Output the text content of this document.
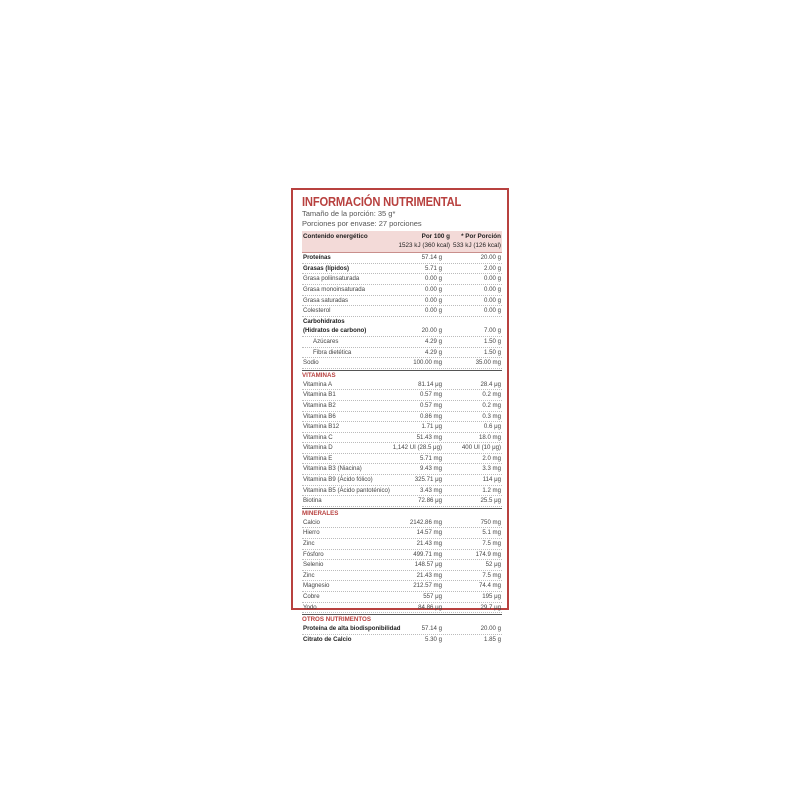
INFORMACIÓN NUTRIMENTAL
Tamaño de la porción: 35 g*
Porciones por envase: 27 porciones
Contenido energético	Por 100 g * Por Porción
1523 kJ (360 kcal) 533 kJ (126 kcal)
Proteínas	57.14 g	20.00 g
Grasas (lípidos)	5.71 g	2.00 g
Grasa poliinsaturada	0.00 g	0.00 g
Grasa monoinsaturada	0.00 g	0.00 g
Grasa saturadas	0.00 g	0.00 g
Colesterol	0.00 g	0.00 g
Carbohidratos
(Hidratos de carbono)	20.00 g	7.00 g
Azúcares	4.29 g	1.50 g
Fibra dietética	4.29 g	1.50 g
Sodio	100.00 mg	35.00 mg
VITAMINAS
Vitamina A	81.14 μg	28.4 μg
Vitamina B1	0.57 mg	0.2 mg
Vitamina B2	0.57 mg	0.2 mg
Vitamina B6	0.86 mg	0.3 mg
Vitamina B12	1.71 μg	0.6 μg
Vitamina C	51.43 mg	18.0 mg
Vitamina D	1,142 UI (28.5 μg)	400 UI (10 μg)
Vitamina E	5.71 mg	2.0 mg
Vitamina B3 (Niacina)	9.43 mg	3.3 mg
Vitamina B9 (Ácido fólico)	325.71 μg	114 μg
Vitamina B5 (Ácido pantoténico)	3.43 mg	1.2 mg
Biotina	72.86 μg	25.5 μg
MINERALES
Calcio	2142.86 mg	750 mg
Hierro	14.57 mg	5.1 mg
Zinc	21.43 mg	7.5 mg
Fósforo	499.71 mg	174.9 mg
Selenio	148.57 μg	52 μg
Zinc	21.43 mg	7.5 mg
Magnesio	212.57 mg	74.4 mg
Cobre	557 μg	195 μg
Yodo	84.86 μg	29.7 μg
OTROS NUTRIMENTOS
Proteína de alta biodisponibilidad	57.14 g	20.00 g
Citrato de Calcio	5.30 g	1.85 g
